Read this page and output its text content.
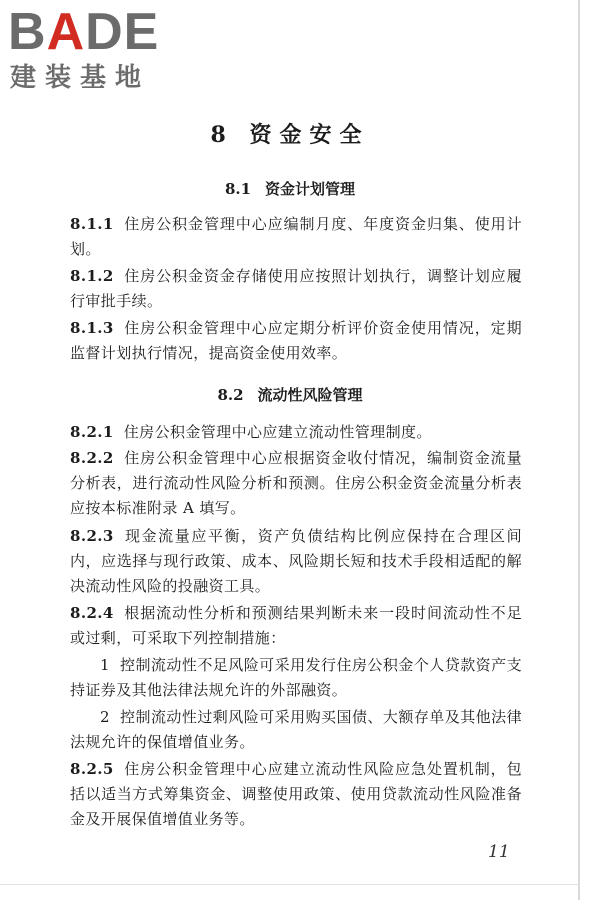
BADE
建装基地
8 资金安全
8.1 资金计划管理
8.1.1 住房公积金管理中心应编制月度、年度资金归集、使用计划。
8.1.2 住房公积金资金存储使用应按照计划执行，调整计划应履行审批手续。
8.1.3 住房公积金管理中心应定期分析评价资金使用情况，定期监督计划执行情况，提高资金使用效率。
8.2 流动性风险管理
8.2.1 住房公积金管理中心应建立流动性管理制度。
8.2.2 住房公积金管理中心应根据资金收付情况，编制资金流量分析表，进行流动性风险分析和预测。住房公积金资金流量分析表应按本标准附录 A 填写。
8.2.3 现金流量应平衡，资产负债结构比例应保持在合理区间内，应选择与现行政策、成本、风险期长短和技术手段相适配的解决流动性风险的投融资工具。
8.2.4 根据流动性分析和预测结果判断未来一段时间流动性不足或过剩，可采取下列控制措施：
1 控制流动性不足风险可采用发行住房公积金个人贷款资产支持证券及其他法律法规允许的外部融资。
2 控制流动性过剩风险可采用购买国债、大额存单及其他法律法规允许的保值增值业务。
8.2.5 住房公积金管理中心应建立流动性风险应急处置机制，包括以适当方式筹集资金、调整使用政策、使用贷款流动性风险准备金及开展保值增值业务等。
11
